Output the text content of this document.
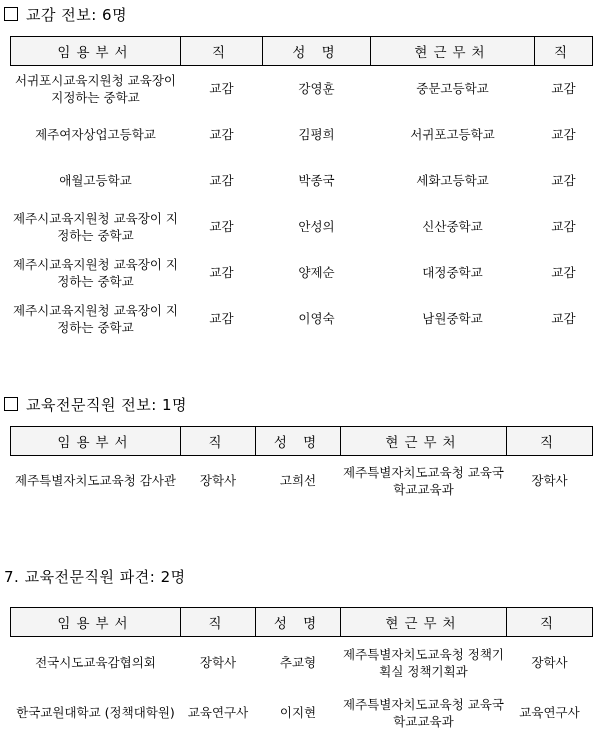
교감 전보: 6명
임용부서	직	성 명	현근무처	직
서귀포시교육지원청 교육장이 지정하는 중학교	교감	강영훈	중문고등학교	교감
제주여자상업고등학교	교감	김평희	서귀포고등학교	교감
애월고등학교	교감	박종국	세화고등학교	교감
제주시교육지원청 교육장이 지정하는 중학교	교감	안성의	신산중학교	교감
제주시교육지원청 교육장이 지정하는 중학교	교감	양제순	대정중학교	교감
제주시교육지원청 교육장이 지정하는 중학교	교감	이영숙	남원중학교	교감
교육전문직원 전보: 1명
임용부서	직	성 명	현근무처	직
제주특별자치도교육청 감사관	장학사	고희선	제주특별자치도교육청 교육국 학교교육과	장학사
7. 교육전문직원 파견: 2명
임용부서	직	성 명	현근무처	직
전국시도교육감협의회	장학사	추교형	제주특별자치도교육청 정책기획실 정책기획과	장학사
한국교원대학교 (정책대학원)	교육연구사	이지현	제주특별자치도교육청 교육국 학교교육과	교육연구사
